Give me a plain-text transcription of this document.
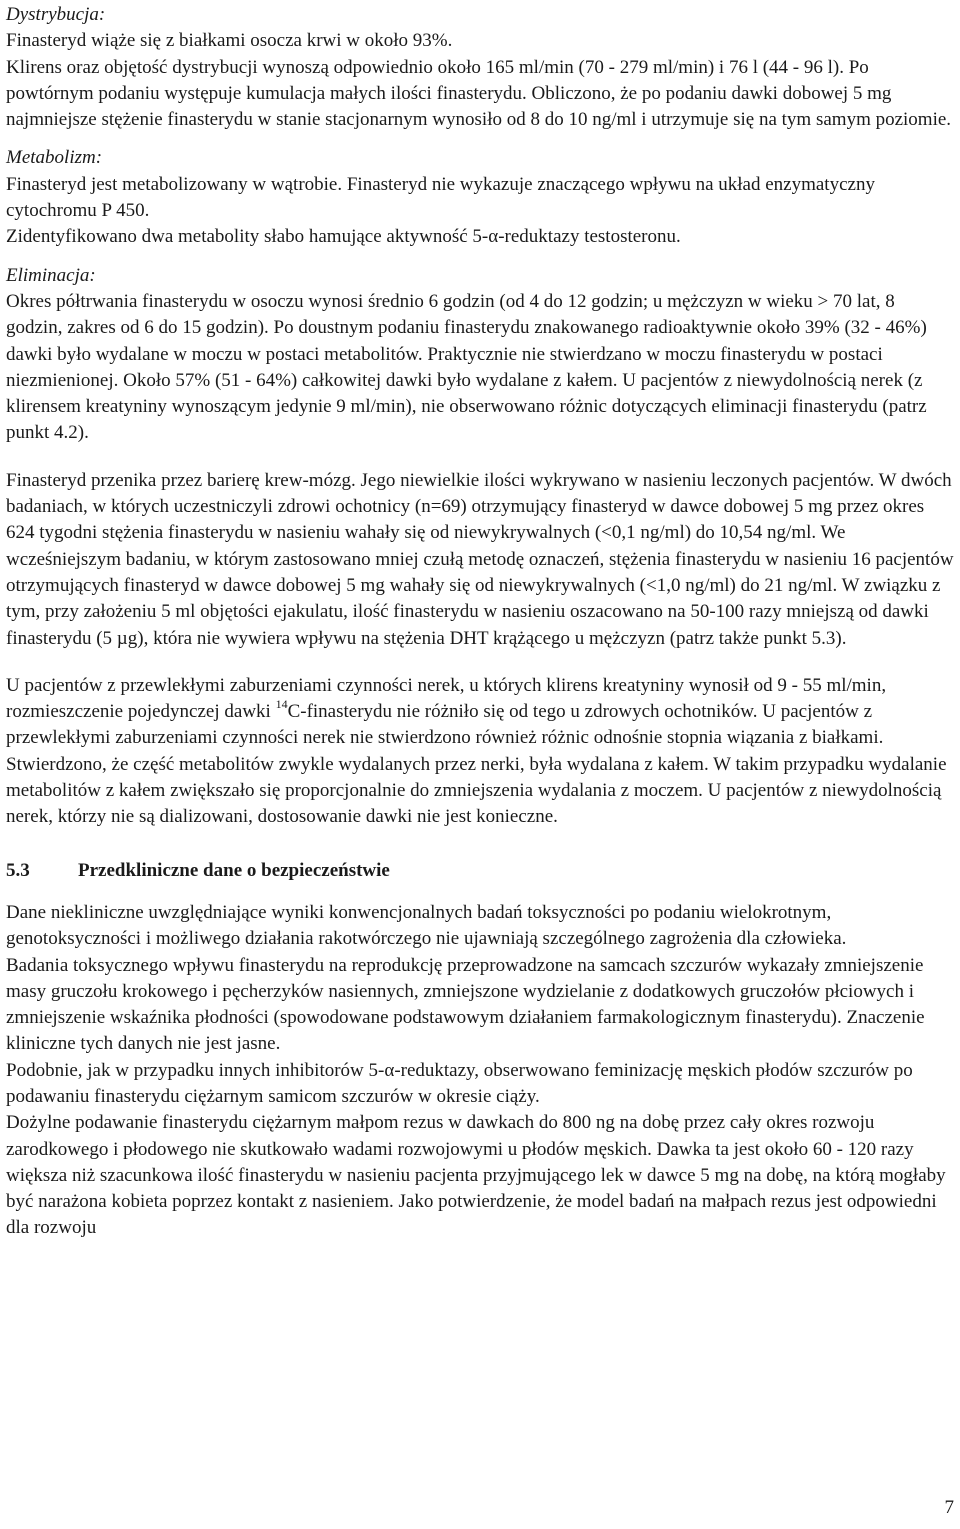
Dystrybucja:

Finasteryd wiąże się z białkami osocza krwi w około 93%.

Klirens oraz objętość dystrybucji wynoszą odpowiednio około 165 ml/min (70 - 279 ml/min) i 76 l (44 - 96 l). Po powtórnym podaniu występuje kumulacja małych ilości finasterydu. Obliczono, że po podaniu dawki dobowej 5 mg najmniejsze stężenie finasterydu w stanie stacjonarnym wynosiło od 8 do 10 ng/ml i utrzymuje się na tym samym poziomie.

Metabolizm:

Finasteryd jest metabolizowany w wątrobie. Finasteryd nie wykazuje znaczącego wpływu na układ enzymatyczny cytochromu P 450.

Zidentyfikowano dwa metabolity słabo hamujące aktywność 5-α-reduktazy testosteronu.

Eliminacja:

Okres półtrwania finasterydu w osoczu wynosi średnio 6 godzin (od 4 do 12 godzin; u mężczyzn w wieku > 70 lat, 8 godzin, zakres od 6 do 15 godzin). Po doustnym podaniu finasterydu znakowanego radioaktywnie około 39% (32 - 46%) dawki było wydalane w moczu w postaci metabolitów. Praktycznie nie stwierdzano w moczu finasterydu w postaci niezmienionej. Około 57% (51 - 64%) całkowitej dawki było wydalane z kałem. U pacjentów z niewydolnością nerek (z klirensem kreatyniny wynoszącym jedynie 9 ml/min), nie obserwowano różnic dotyczących eliminacji finasterydu (patrz punkt 4.2).

Finasteryd przenika przez barierę krew-mózg. Jego niewielkie ilości wykrywano w nasieniu leczonych pacjentów. W dwóch badaniach, w których uczestniczyli zdrowi ochotnicy (n=69) otrzymujący finasteryd w dawce dobowej 5 mg przez okres 624 tygodni stężenia finasterydu w nasieniu wahały się od niewykrywalnych (<0,1 ng/ml) do 10,54 ng/ml. We wcześniejszym badaniu, w którym zastosowano mniej czułą metodę oznaczeń, stężenia finasterydu w nasieniu 16 pacjentów otrzymujących finasteryd w dawce dobowej 5 mg wahały się od niewykrywalnych (<1,0 ng/ml) do 21 ng/ml. W związku z tym, przy założeniu 5 ml objętości ejakulatu, ilość finasterydu w nasieniu oszacowano na 50-100 razy mniejszą od dawki finasterydu (5 µg), która nie wywiera wpływu na stężenia DHT krążącego u mężczyzn (patrz także punkt 5.3).

U pacjentów z przewlekłymi zaburzeniami czynności nerek, u których klirens kreatyniny wynosił od 9 - 55 ml/min, rozmieszczenie pojedynczej dawki $^{14}$C-finasterydu nie różniło się od tego u zdrowych ochotników. U pacjentów z przewlekłymi zaburzeniami czynności nerek nie stwierdzono również różnic odnośnie stopnia wiązania z białkami. Stwierdzono, że część metabolitów zwykle wydalanych przez nerki, była wydalana z kałem. W takim przypadku wydalanie metabolitów z kałem zwiększało się proporcjonalnie do zmniejszenia wydalania z moczem. U pacjentów z niewydolnością nerek, którzy nie są dializowani, dostosowanie dawki nie jest konieczne.

5.3	Przedkliniczne dane o bezpieczeństwie

Dane niekliniczne uwzględniające wyniki konwencjonalnych badań toksyczności po podaniu wielokrotnym, genotoksyczności i możliwego działania rakotwórczego nie ujawniają szczególnego zagrożenia dla człowieka.

Badania toksycznego wpływu finasterydu na reprodukcję przeprowadzone na samcach szczurów wykazały zmniejszenie masy gruczołu krokowego i pęcherzyków nasiennych, zmniejszone wydzielanie z dodatkowych gruczołów płciowych i zmniejszenie wskaźnika płodności (spowodowane podstawowym działaniem farmakologicznym finasterydu). Znaczenie kliniczne tych danych nie jest jasne.

Podobnie, jak w przypadku innych inhibitorów 5-α-reduktazy, obserwowano feminizację męskich płodów szczurów po podawaniu finasterydu ciężarnym samicom szczurów w okresie ciąży.

Dożylne podawanie finasterydu ciężarnym małpom rezus w dawkach do 800 ng na dobę przez cały okres rozwoju zarodkowego i płodowego nie skutkowało wadami rozwojowymi u płodów męskich. Dawka ta jest około 60 - 120 razy większa niż szacunkowa ilość finasterydu w nasieniu pacjenta przyjmującego lek w dawce 5 mg na dobę, na którą mogłaby być narażona kobieta poprzez kontakt z nasieniem. Jako potwierdzenie, że model badań na małpach rezus jest odpowiedni dla rozwoju

7
